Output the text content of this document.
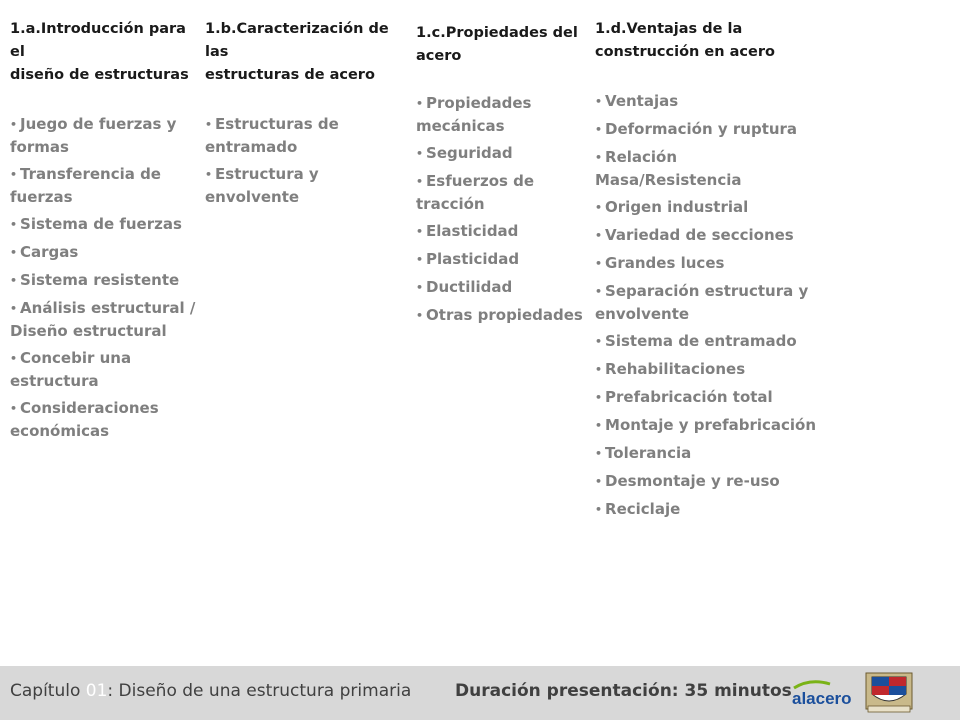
1.a.Introducción para el
diseño de estructuras

• Juego de fuerzas y
formas
• Transferencia de fuerzas
• Sistema de fuerzas
• Cargas
• Sistema resistente
• Análisis estructural /
Diseño estructural
• Concebir una estructura
• Consideraciones
económicas

1.b.Caracterización de las
estructuras de acero

• Estructuras de
entramado
• Estructura y envolvente

1.c.Propiedades del
acero

• Propiedades
mecánicas
• Seguridad
• Esfuerzos de tracción
• Elasticidad
• Plasticidad
• Ductilidad
• Otras propiedades

1.d.Ventajas de la
construcción en acero

• Ventajas
• Deformación y ruptura
• Relación Masa/Resistencia
• Origen industrial
• Variedad de secciones
• Grandes luces
• Separación estructura y
envolvente
• Sistema de entramado
• Rehabilitaciones
• Prefabricación total
• Montaje y prefabricación
• Tolerancia
• Desmontaje y re-uso
• Reciclaje
Capítulo 01: Diseño de una estructura primaria	Duración presentación: 35 minutos alacero
